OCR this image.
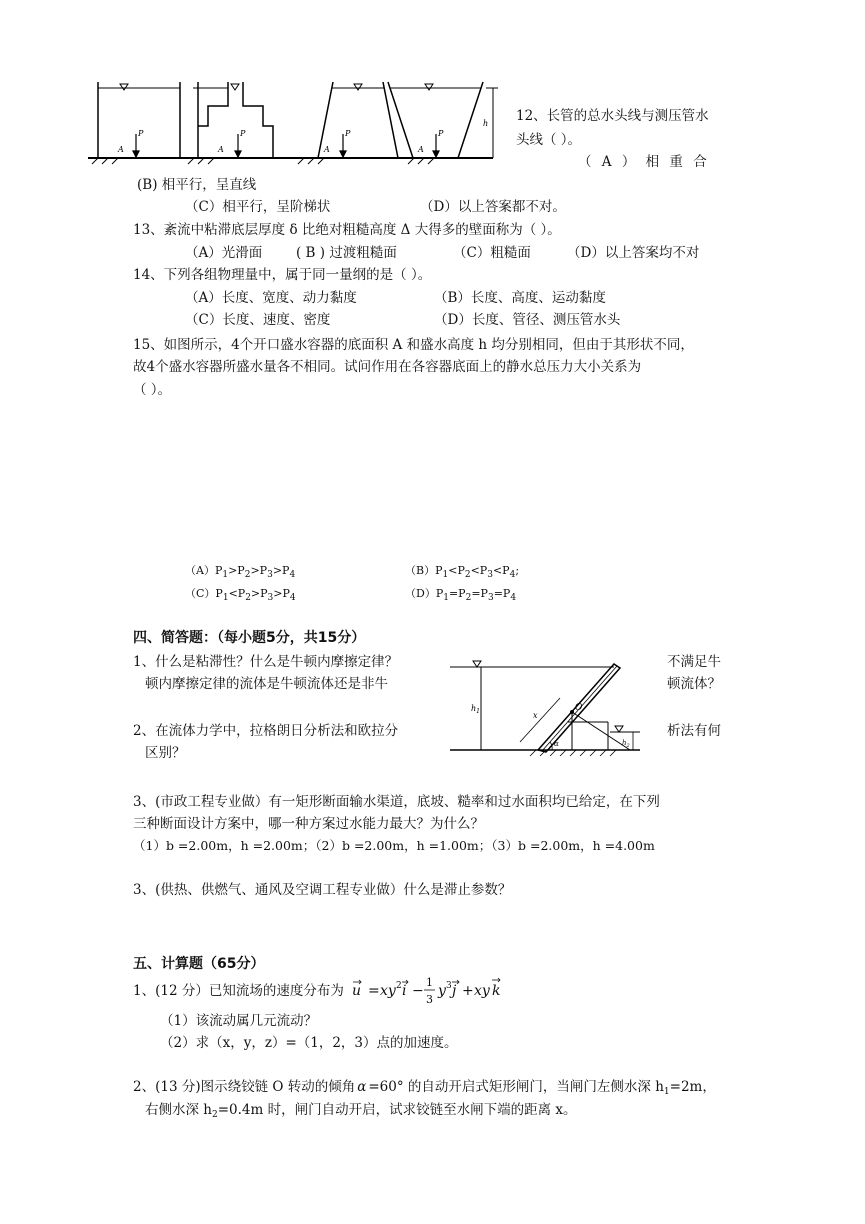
A
P
A
P
A
P
A
P
h 12、长管的总水头线与测压管水
头线（ ）。
（ A ） 相 重 合
(B) 相平行，呈直线
（C）相平行，呈阶梯状	（D）以上答案都不对。
13、紊流中粘滞底层厚度 δ 比绝对粗糙高度 Δ 大得多的壁面称为（ ）。
（A）光滑面	( B ) 过渡粗糙面	（C）粗糙面	（D）以上答案均不对
14、下列各组物理量中，属于同一量纲的是（ ）。
（A）长度、宽度、动力黏度	（B）长度、高度、运动黏度
（C）长度、速度、密度	（D）长度、管径、测压管水头
15、如图所示，4个开口盛水容器的底面积 A 和盛水高度 h 均分别相同，但由于其形状不同，
故4个盛水容器所盛水量各不相同。试问作用在各容器底面上的静水总压力大小关系为
（ ）。
$(A)P_1>P_2>P_3>P_4$	$(B)P_1<P_2<P_3<P_4$;
$(C)P_1<P_2>P_3>P_4$	$(D)P_1=P_2=P_3=P_4$
四、简答题：（每小题5分，共15分）
1、什么是粘滞性？什么是牛顿内摩擦定律？	不满足牛
顿内摩擦定律的流体是牛顿流体还是非牛	顿流体？
2、在流体力学中，拉格朗日分析法和欧拉分	析法有何
区别？
$h_1$	x
O
α	$h_2$
3、(市政工程专业做）有一矩形断面输水渠道，底坡、糙率和过水面积均已给定，在下列
三种断面设计方案中，哪一种方案过水能力最大？为什么？
（1）b =2.00m，h =2.00m；（2）b =2.00m，h =1.00m；（3）b =2.00m，h =4.00m
3、(供热、供燃气、通风及空调工程专业做）什么是滞止参数？
五、计算题（65分）
1、(12 分）已知流场的速度分布为 u = xy 2 i −
1
3
y 3 j + xy k
（1）该流动属几元流动？
（2）求（x，y，z）=（1，2，3）点的加速度。
2、(13 分)图示绕铰链 O 转动的倾角 α =60° 的自动开启式矩形闸门，当闸门左侧水深 $h_1=2m$，
右侧水深 $h_2=0.4m$ 时，闸门自动开启，试求铰链至水闸下端的距离 x。
